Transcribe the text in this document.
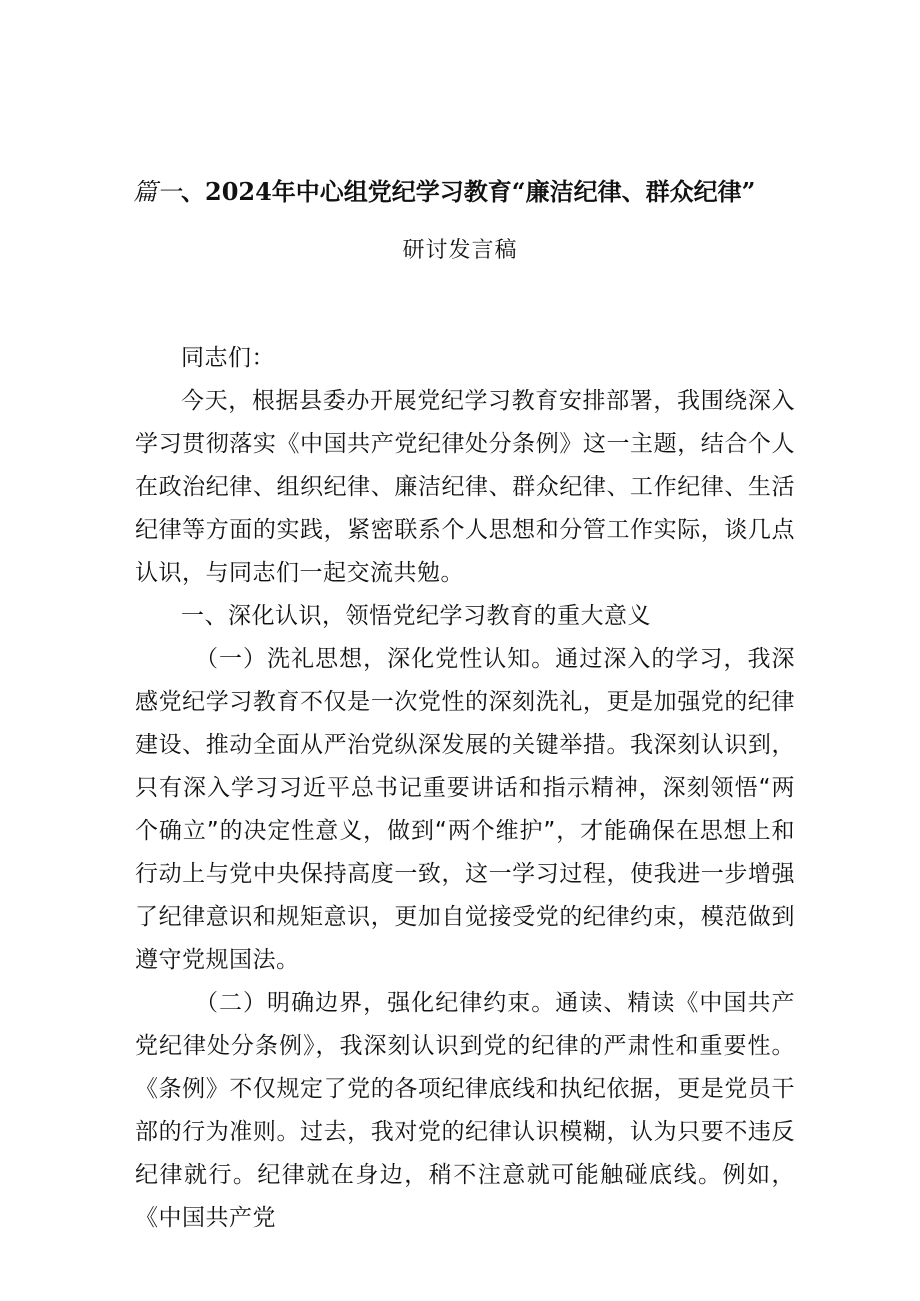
篇一、2024年中心组党纪学习教育“廉洁纪律、群众纪律”
研讨发言稿

同志们：

今天，根据县委办开展党纪学习教育安排部署，我围绕深入学习贯彻落实《中国共产党纪律处分条例》这一主题，结合个人在政治纪律、组织纪律、廉洁纪律、群众纪律、工作纪律、生活纪律等方面的实践，紧密联系个人思想和分管工作实际，谈几点认识，与同志们一起交流共勉。

一、深化认识，领悟党纪学习教育的重大意义

（一）洗礼思想，深化党性认知。通过深入的学习，我深感党纪学习教育不仅是一次党性的深刻洗礼，更是加强党的纪律建设、推动全面从严治党纵深发展的关键举措。我深刻认识到，只有深入学习习近平总书记重要讲话和指示精神，深刻领悟“两个确立”的决定性意义，做到“两个维护”，才能确保在思想上和行动上与党中央保持高度一致，这一学习过程，使我进一步增强了纪律意识和规矩意识，更加自觉接受党的纪律约束，模范做到遵守党规国法。

（二）明确边界，强化纪律约束。通读、精读《中国共产党纪律处分条例》，我深刻认识到党的纪律的严肃性和重要性。《条例》不仅规定了党的各项纪律底线和执纪依据，更是党员干部的行为准则。过去，我对党的纪律认识模糊，认为只要不违反纪律就行。纪律就在身边，稍不注意就可能触碰底线。例如，《中国共产党
